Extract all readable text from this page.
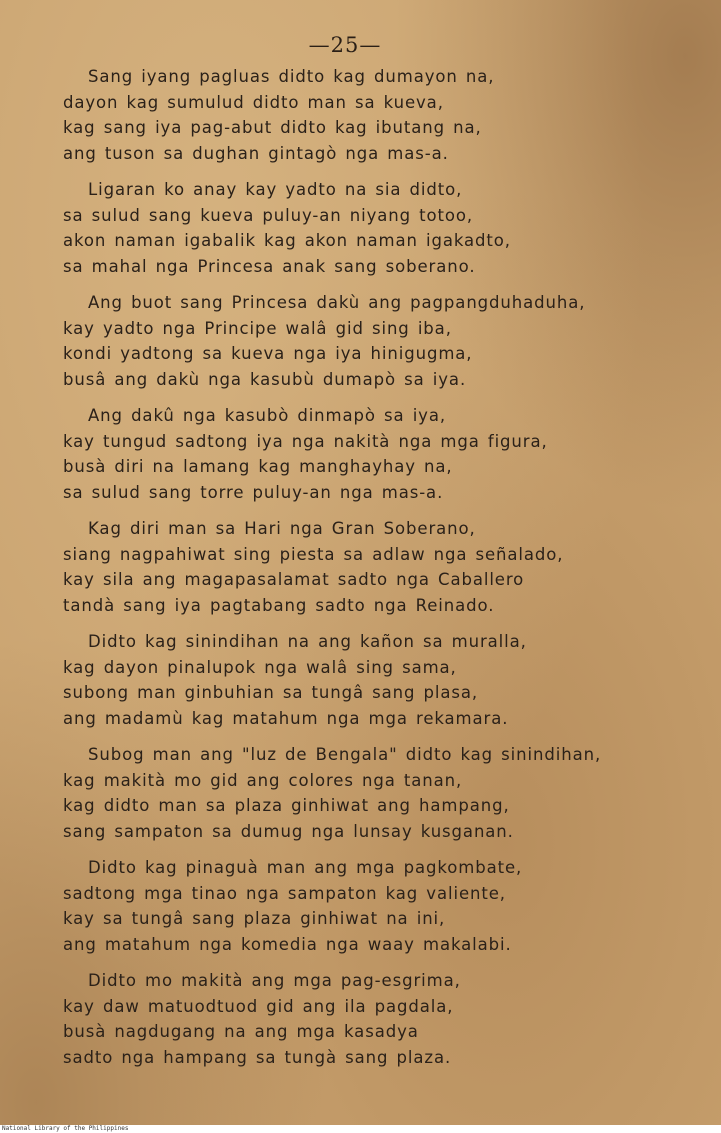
—25—
Sang iyang pagluas didto kag dumayon na,
dayon kag sumulud didto man sa kueva,
kag sang iya pag-abut didto kag ibutang na,
ang tuson sa dughan gintagò nga mas-a.
Ligaran ko anay kay yadto na sia didto,
sa sulud sang kueva puluy-an niyang totoo,
akon naman igabalik kag akon naman igakadto,
sa mahal nga Princesa anak sang soberano.
Ang buot sang Princesa dakù ang pagpangduhaduha,
kay yadto nga Principe walâ gid sing iba,
kondi yadtong sa kueva nga iya hinigugma,
busâ ang dakù nga kasubù dumapò sa iya.
Ang dakû nga kasubò dinmapò sa iya,
kay tungud sadtong iya nga nakità nga mga figura,
busà diri na lamang kag manghayhay na,
sa sulud sang torre puluy-an nga mas-a.
Kag diri man sa Hari nga Gran Soberano,
siang nagpahiwat sing piesta sa adlaw nga señalado,
kay sila ang magapasalamat sadto nga Caballero
tandà sang iya pagtabang sadto nga Reinado.
Didto kag sinindihan na ang kañon sa muralla,
kag dayon pinalupok nga walâ sing sama,
subong man ginbuhian sa tungâ sang plasa,
ang madamù kag matahum nga mga rekamara.
Subog man ang "luz de Bengala" didto kag sinindihan,
kag makità mo gid ang colores nga tanan,
kag didto man sa plaza ginhiwat ang hampang,
sang sampaton sa dumug nga lunsay kusganan.
Didto kag pinaguà man ang mga pagkombate,
sadtong mga tinao nga sampaton kag valiente,
kay sa tungâ sang plaza ginhiwat na ini,
ang matahum nga komedia nga waay makalabi.
Didto mo makità ang mga pag-esgrima,
kay daw matuodtuod gid ang ila pagdala,
busà nagdugang na ang mga kasadya
sadto nga hampang sa tungà sang plaza.
National Library of the Philippines
